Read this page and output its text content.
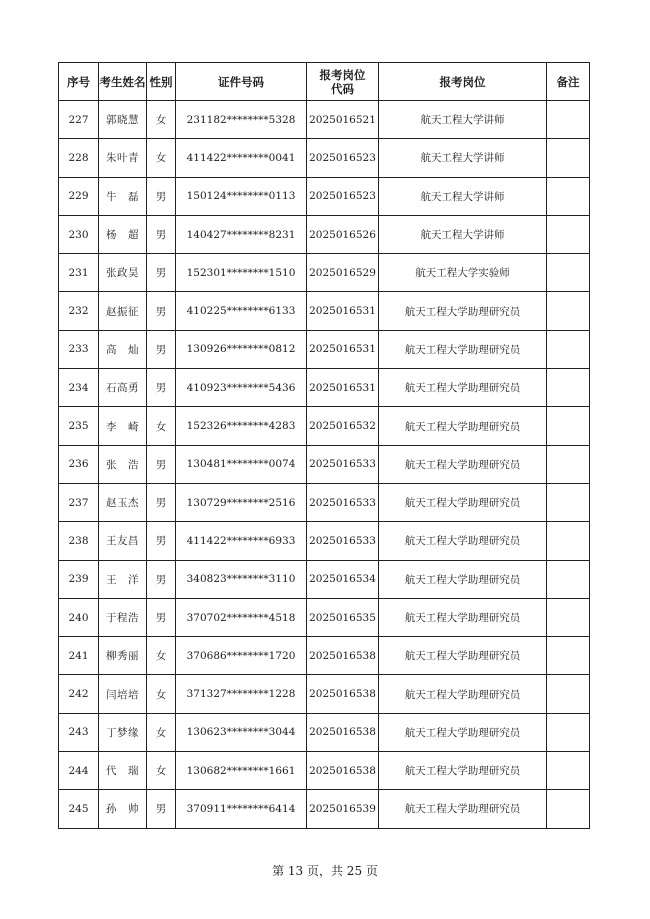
序号	考生姓名	性别	证件号码	报考岗位代码	报考岗位	备注
227	郭晓慧	女	231182********5328	2025016521	航天工程大学讲师	
228	朱叶青	女	411422********0041	2025016523	航天工程大学讲师	
229	牛　磊	男	150124********0113	2025016523	航天工程大学讲师	
230	杨　超	男	140427********8231	2025016526	航天工程大学讲师	
231	张政昊	男	152301********1510	2025016529	航天工程大学实验师	
232	赵振征	男	410225********6133	2025016531	航天工程大学助理研究员	
233	高　灿	男	130926********0812	2025016531	航天工程大学助理研究员	
234	石高勇	男	410923********5436	2025016531	航天工程大学助理研究员	
235	李　崎	女	152326********4283	2025016532	航天工程大学助理研究员	
236	张　浩	男	130481********0074	2025016533	航天工程大学助理研究员	
237	赵玉杰	男	130729********2516	2025016533	航天工程大学助理研究员	
238	王友昌	男	411422********6933	2025016533	航天工程大学助理研究员	
239	王　洋	男	340823********3110	2025016534	航天工程大学助理研究员	
240	于程浩	男	370702********4518	2025016535	航天工程大学助理研究员	
241	柳秀丽	女	370686********1720	2025016538	航天工程大学助理研究员	
242	闫培培	女	371327********1228	2025016538	航天工程大学助理研究员	
243	丁梦缘	女	130623********3044	2025016538	航天工程大学助理研究员	
244	代　瑞	女	130682********1661	2025016538	航天工程大学助理研究员	
245	孙　帅	男	370911********6414	2025016539	航天工程大学助理研究员	
第 13 页，共 25 页
